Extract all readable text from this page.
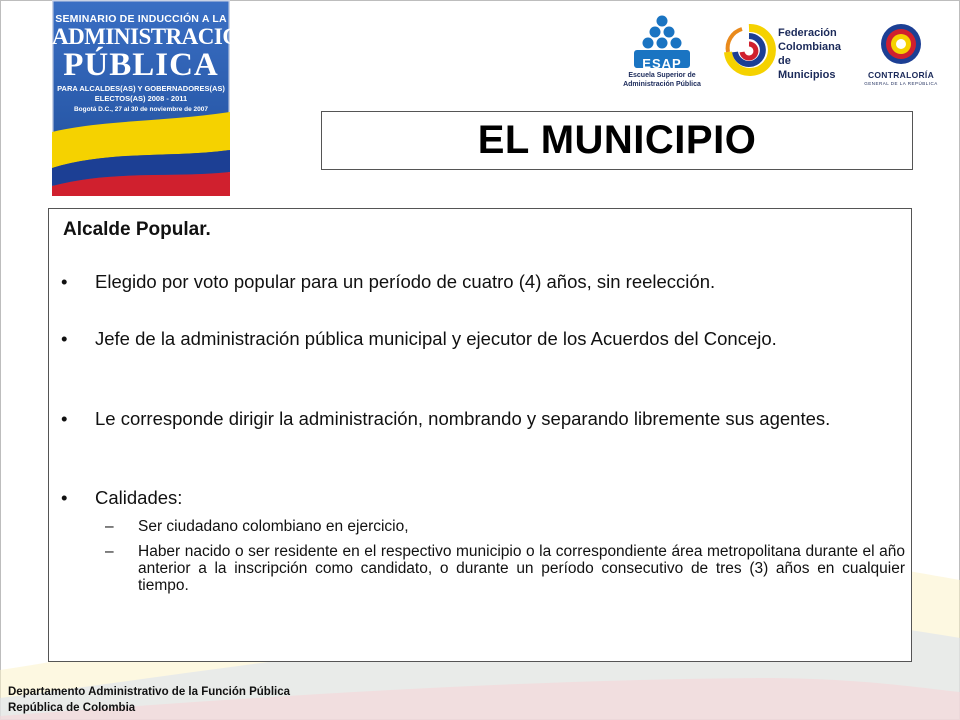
SEMINARIO DE INDUCCIÓN A LA
ADMINISTRACIÓN
PÚBLICA
PARA ALCALDES(AS) Y GOBERNADORES(AS)
ELECTOS(AS) 2008 - 2011
Bogotá D.C., 27 al 30 de noviembre de 2007
ESAP
Escuela Superior de
Administración Pública
Federación
Colombiana
de Municipios	CONTRALORÍA
GENERAL DE LA REPÚBLICA
EL MUNICIPIO
Alcalde Popular.
• Elegido por voto popular para un período de cuatro (4) años, sin reelección.
• Jefe de la administración pública municipal y ejecutor de los Acuerdos del Concejo.
• Le corresponde dirigir la administración, nombrando y separando libremente sus agentes.
• Calidades:
– Ser ciudadano colombiano en ejercicio,
– Haber nacido o ser residente en el respectivo municipio o la correspondiente área metropolitana durante el año anterior a la inscripción como candidato, o durante un período consecutivo de tres (3) años en cualquier tiempo.
Departamento Administrativo de la Función Pública
República de Colombia
